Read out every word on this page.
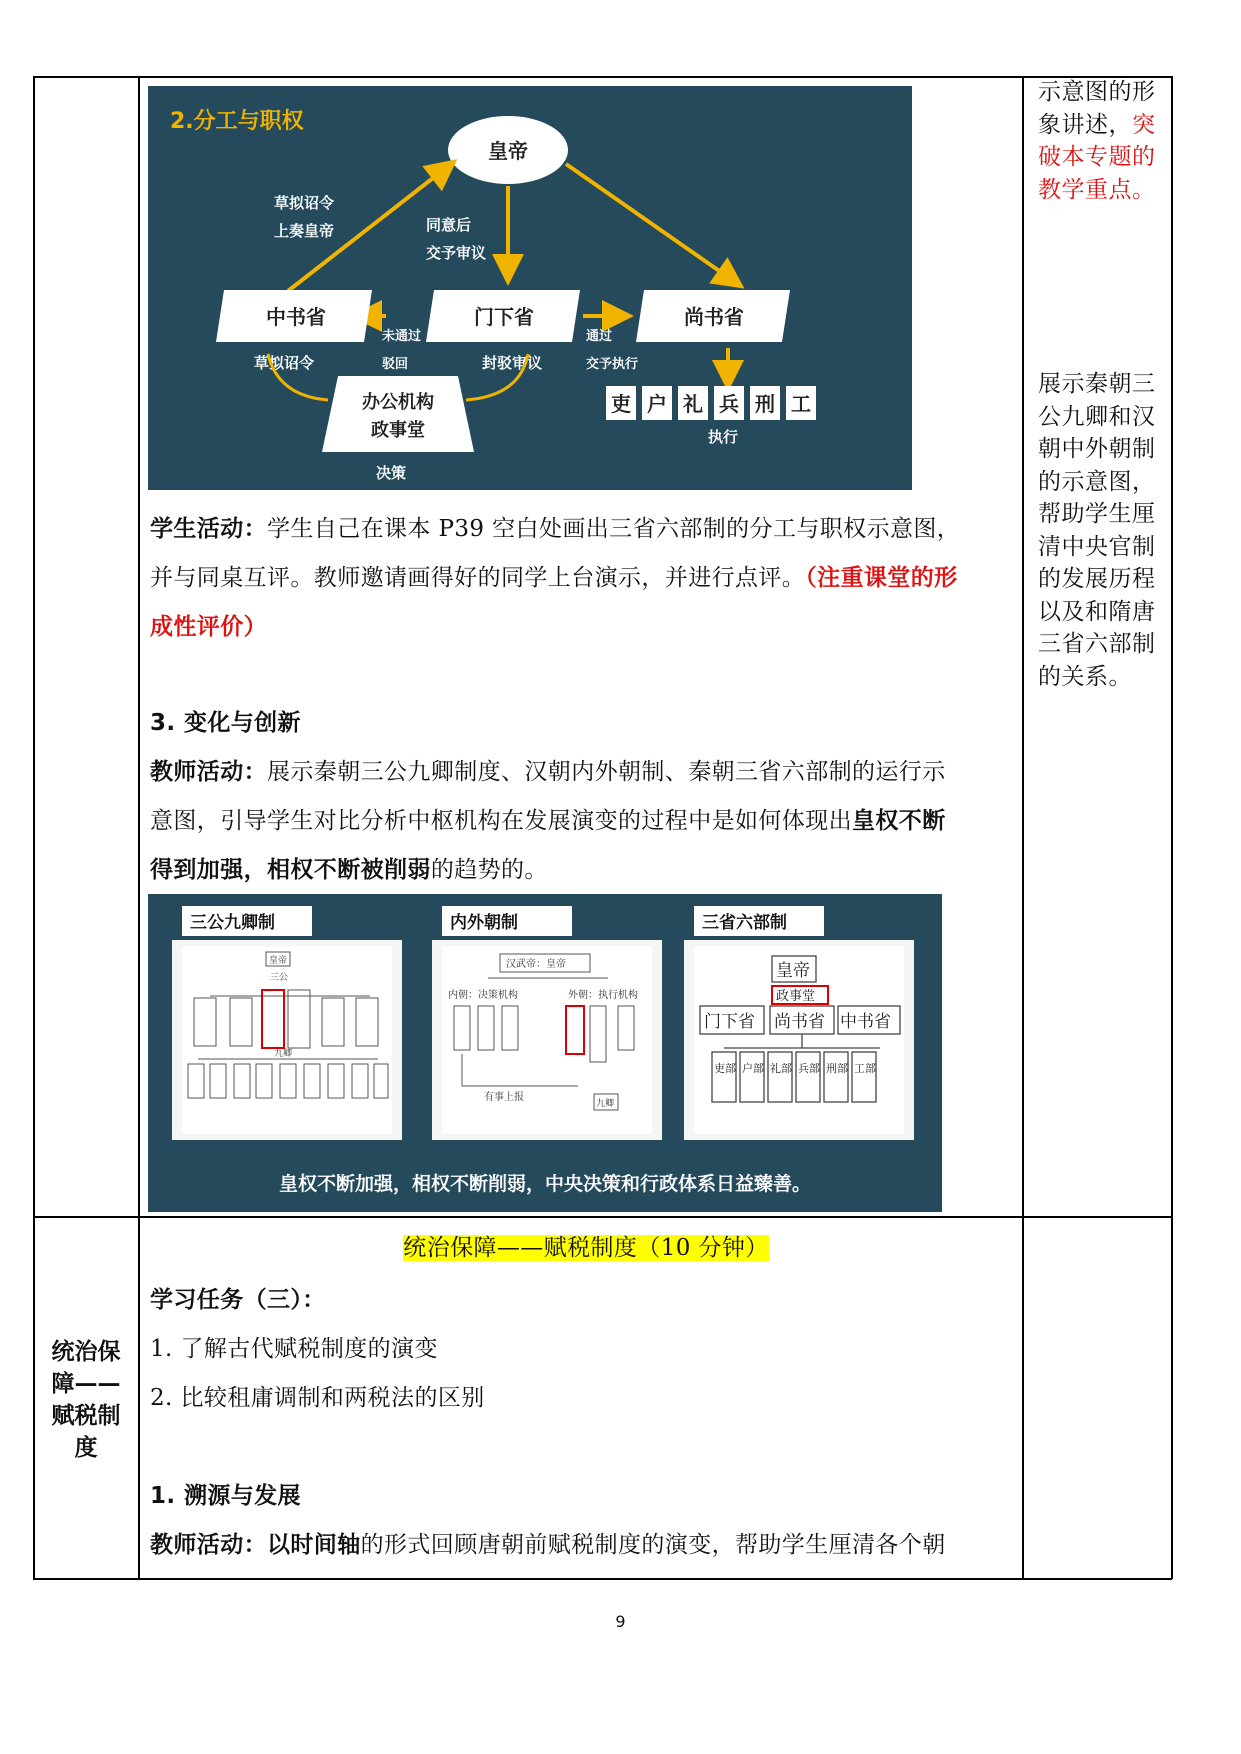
示意图的形
象讲述，突
破本专题的
教学重点。
展示秦朝三
公九卿和汉
朝中外朝制
的示意图，
帮助学生厘
清中央官制
的发展历程
以及和隋唐
三省六部制
的关系。
2.分工与职权
皇帝
中书省	门下省	尚书省
草拟诏令
上奏皇帝	同意后
交予审议
未通过
驳回
通过
交予执行
草拟诏令	封驳审议
决策
执行
办公机构
政事堂
吏 户 礼 兵 刑 工
学生活动：学生自己在课本 P39 空白处画出三省六部制的分工与职权示意图，
并与同桌互评。教师邀请画得好的同学上台演示，并进行点评。（注重课堂的形
成性评价）
3. 变化与创新
教师活动：展示秦朝三公九卿制度、汉朝内外朝制、秦朝三省六部制的运行示
意图，引导学生对比分析中枢机构在发展演变的过程中是如何体现出皇权不断
得到加强，相权不断被削弱的趋势的。
三公九卿制	内外朝制	三省六部制
皇帝
三公
九卿
汉武帝：皇帝
内朝：决策机构	外朝：执行机构
有事上报
九卿
皇帝
政事堂
门下省 尚书省 中书省
吏部 户部 礼部 兵部 刑部 工部
皇权不断加强，相权不断削弱，中央决策和行政体系日益臻善。
统治保
障——
赋税制
度
统治保障——赋税制度（10 分钟）
学习任务（三）：
1. 了解古代赋税制度的演变
2. 比较租庸调制和两税法的区别

1. 溯源与发展
教师活动：以时间轴的形式回顾唐朝前赋税制度的演变，帮助学生厘清各个朝
9
